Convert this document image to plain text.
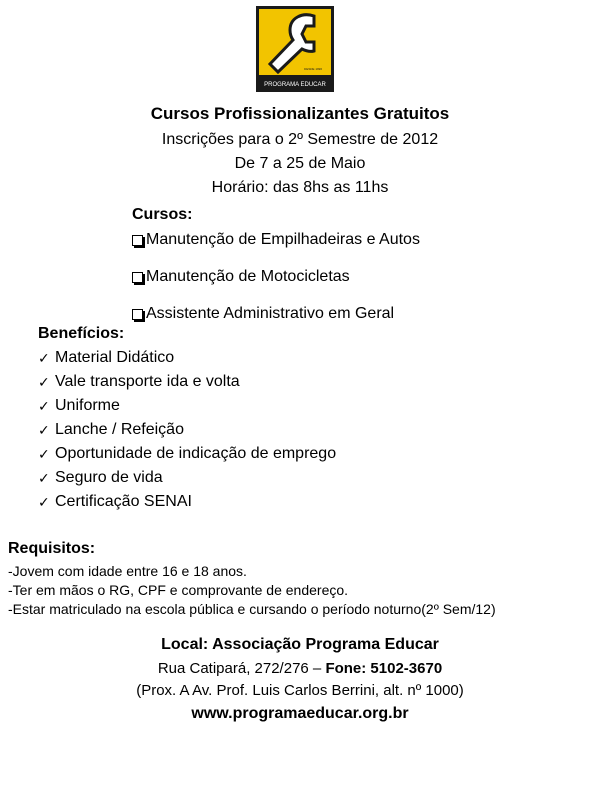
DESDE 1996
PROGRAMA EDUCAR
Cursos Profissionalizantes Gratuitos
Inscrições para o 2º Semestre de 2012
De 7 a 25 de Maio
Horário: das 8hs as 11hs
Cursos:
Manutenção de Empilhadeiras e Autos
Manutenção de Motocicletas
Assistente Administrativo em Geral
Benefícios:
✓ Material Didático
✓ Vale transporte ida e volta
✓ Uniforme
✓ Lanche / Refeição
✓ Oportunidade de indicação de emprego
✓ Seguro de vida
✓ Certificação SENAI
Requisitos:
-Jovem com idade entre 16 e 18 anos.
-Ter em mãos o RG, CPF e comprovante de endereço.
-Estar matriculado na escola pública e cursando o período noturno(2º Sem/12)
Local: Associação Programa Educar
Rua Catipará, 272/276 – Fone: 5102-3670
(Prox. A Av. Prof. Luis Carlos Berrini, alt. nº 1000)
www.programaeducar.org.br
